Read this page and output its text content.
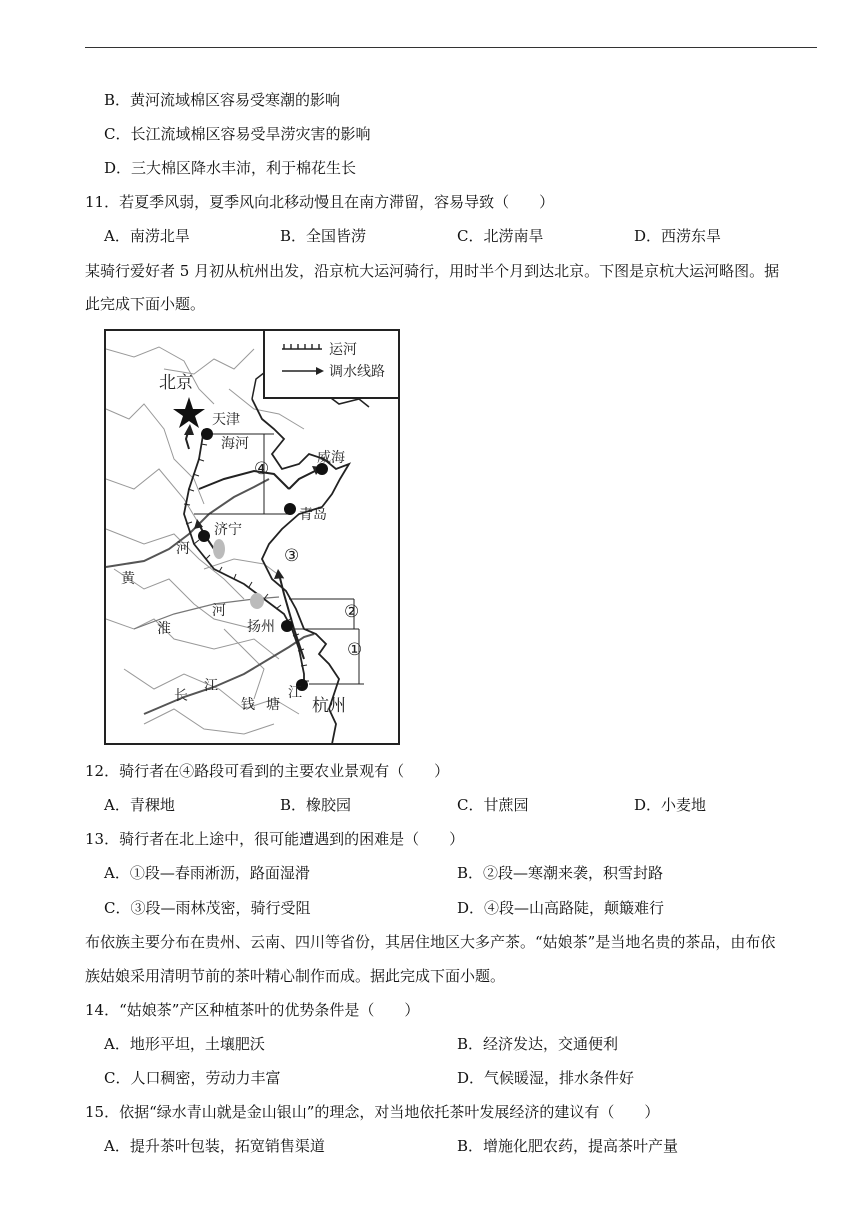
B．黄河流域棉区容易受寒潮的影响
C．长江流域棉区容易受旱涝灾害的影响
D．三大棉区降水丰沛，利于棉花生长
11．若夏季风弱，夏季风向北移动慢且在南方滞留，容易导致（　　）
A．南涝北旱	B．全国皆涝	C．北涝南旱	D．西涝东旱
某骑行爱好者 5 月初从杭州出发，沿京杭大运河骑行，用时半个月到达北京。下图是京杭大运河略图。据
此完成下面小题。
运河
调水线路
④
③
②
①
北京
天津
海河
威海
青岛
济宁
扬州
杭州
黄
河
淮
河
长
江
钱 塘
江
12．骑行者在④路段可看到的主要农业景观有（　　）
A．青稞地	B．橡胶园	C．甘蔗园	D．小麦地
13．骑行者在北上途中，很可能遭遇到的困难是（　　）
A．①段—春雨淅沥，路面湿滑	B．②段—寒潮来袭，积雪封路
C．③段—雨林茂密，骑行受阻	D．④段—山高路陡，颠簸难行
布依族主要分布在贵州、云南、四川等省份，其居住地区大多产茶。“姑娘茶”是当地名贵的茶品，由布依
族姑娘采用清明节前的茶叶精心制作而成。据此完成下面小题。
14．“姑娘茶”产区种植茶叶的优势条件是（　　）
A．地形平坦，土壤肥沃	B．经济发达，交通便利
C．人口稠密，劳动力丰富	D．气候暖湿，排水条件好
15．依据“绿水青山就是金山银山”的理念，对当地依托茶叶发展经济的建议有（　　）
A．提升茶叶包装，拓宽销售渠道	B．增施化肥农药，提高茶叶产量
